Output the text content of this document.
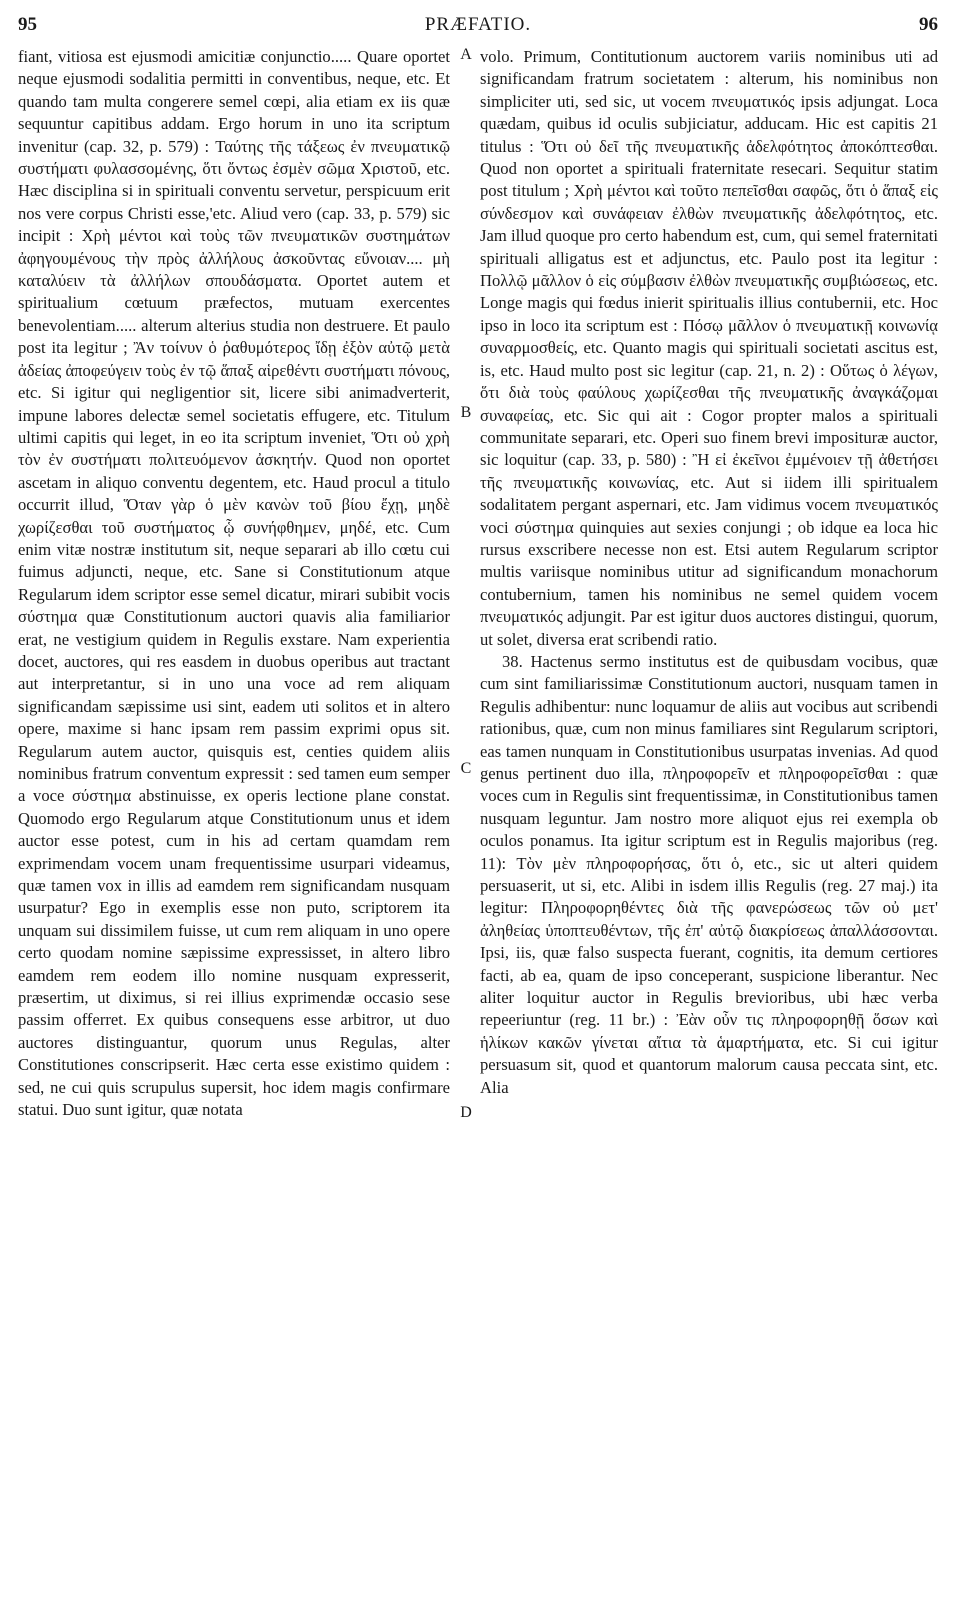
95	PRÆFATIO.	96

fiant, vitiosa est ejusmodi amicitiæ conjunctio..... Quare oportet neque ejusmodi sodalitia permitti in conventibus, neque, etc. Et quando tam multa congerere semel cœpi, alia etiam ex iis quæ sequuntur capitibus addam. Ergo horum in uno ita scriptum invenitur (cap. 32, p. 579) : Ταύτης τῆς τάξεως ἐν πνευματικῷ συστήματι φυλασσομένης, ὅτι ὄντως ἐσμὲν σῶμα Χριστοῦ, etc. Hæc disciplina si in spirituali conventu servetur, perspicuum erit nos vere corpus Christi esse,'etc. Aliud vero (cap. 33, p. 579) sic incipit : Χρὴ μέντοι καὶ τοὺς τῶν πνευματικῶν συστημάτων ἀφηγουμένους τὴν πρὸς ἀλλήλους ἀσκοῦντας εὔνοιαν.... μὴ καταλύειν τὰ ἀλλήλων σπουδάσματα. Oportet autem et spiritualium cœtuum præfectos, mutuam exercentes benevolentiam..... alterum alterius studia non destruere. Et paulo post ita legitur ; Ἂν τοίνυν ὁ ῥαθυμότερος ἴδῃ ἐξὸν αὐτῷ μετὰ ἀδείας ἀποφεύγειν τοὺς ἐν τῷ ἅπαξ αἱρεθέντι συστήματι πόνους, etc. Si igitur qui negligentior sit, licere sibi animadverterit, impune labores delectæ semel societatis effugere, etc. Titulum ultimi capitis qui leget, in eo ita scriptum inveniet, Ὅτι οὐ χρὴ τὸν ἐν συστήματι πολιτευόμενον ἀσκητήν. Quod non oportet ascetam in aliquo conventu degentem, etc. Haud procul a titulo occurrit illud, Ὅταν γὰρ ὁ μὲν κανὼν τοῦ βίου ἔχῃ, μηδὲ χωρίζεσθαι τοῦ συστήματος ᾧ συνήφθημεν, μηδέ, etc. Cum enim vitæ nostræ institutum sit, neque separari ab illo cœtu cui fuimus adjuncti, neque, etc. Sane si Constitutionum atque Regularum idem scriptor esse semel dicatur, mirari subibit vocis σύστημα quæ Constitutionum auctori quavis alia familiarior erat, ne vestigium quidem in Regulis exstare. Nam experientia docet, auctores, qui res easdem in duobus operibus aut tractant aut interpretantur, si in uno una voce ad rem aliquam significandam sæpissime usi sint, eadem uti solitos et in altero opere, maxime si hanc ipsam rem passim exprimi opus sit. Regularum autem auctor, quisquis est, centies quidem aliis nominibus fratrum conventum expressit : sed tamen eum semper a voce σύστημα abstinuisse, ex operis lectione plane constat. Quomodo ergo Regularum atque Constitutionum unus et idem auctor esse potest, cum in his ad certam quamdam rem exprimendam vocem unam frequentissime usurpari videamus, quæ tamen vox in illis ad eamdem rem significandam nusquam usurpatur? Ego in exemplis esse non puto, scriptorem ita unquam sui dissimilem fuisse, ut cum rem aliquam in uno opere certo quodam nomine sæpissime expressisset, in altero libro eamdem rem eodem illo nomine nusquam expresserit, præsertim, ut diximus, si rei illius exprimendæ occasio sese passim offerret. Ex quibus consequens esse arbitror, ut duo auctores distinguantur, quorum unus Regulas, alter Constitutiones conscripserit. Hæc certa esse existimo quidem : sed, ne cui quis scrupulus supersit, hoc idem magis confirmare statui. Duo sunt igitur, quæ notata

A
B
C
D

volo. Primum, Contitutionum auctorem variis nominibus uti ad significandam fratrum societatem : alterum, his nominibus non simpliciter uti, sed sic, ut vocem πνευματικός ipsis adjungat. Loca quædam, quibus id oculis subjiciatur, adducam. Hic est capitis 21 titulus : Ὅτι οὐ δεῖ τῆς πνευματικῆς ἀδελφότητος ἀποκόπτεσθαι. Quod non oportet a spirituali fraternitate resecari. Sequitur statim post titulum ; Χρὴ μέντοι καὶ τοῦτο πεπεῖσθαι σαφῶς, ὅτι ὁ ἅπαξ εἰς σύνδεσμον καὶ συνάφειαν ἐλθὼν πνευματικῆς ἀδελφότητος, etc. Jam illud quoque pro certo habendum est, cum, qui semel fraternitati spirituali alligatus est et adjunctus, etc. Paulo post ita legitur : Πολλῷ μᾶλλον ὁ εἰς σύμβασιν ἐλθὼν πνευματικῆς συμβιώσεως, etc. Longe magis qui fœdus inierit spiritualis illius contubernii, etc. Hoc ipso in loco ita scriptum est : Πόσῳ μᾶλλον ὁ πνευματικῇ κοινωνίᾳ συναρμοσθείς, etc. Quanto magis qui spirituali societati ascitus est, is, etc. Haud multo post sic legitur (cap. 21, n. 2) : Οὕτως ὁ λέγων, ὅτι διὰ τοὺς φαύλους χωρίζεσθαι τῆς πνευματικῆς ἀναγκάζομαι συναφείας, etc. Sic qui ait : Cogor propter malos a spirituali communitate separari, etc. Operi suo finem brevi imposituræ auctor, sic loquitur (cap. 33, p. 580) : Ἢ εἰ ἐκεῖνοι ἐμμένοιεν τῇ ἀθετήσει τῆς πνευματικῆς κοινωνίας, etc. Aut si iidem illi spiritualem sodalitatem pergant aspernari, etc. Jam vidimus vocem πνευματικός voci σύστημα quinquies aut sexies conjungi ; ob idque ea loca hic rursus exscribere necesse non est. Etsi autem Regularum scriptor multis variisque nominibus utitur ad significandum monachorum contubernium, tamen his nominibus ne semel quidem vocem πνευματικός adjungit. Par est igitur duos auctores distingui, quorum, ut solet, diversa erat scribendi ratio.

38. Hactenus sermo institutus est de quibusdam vocibus, quæ cum sint familiarissimæ Constitutionum auctori, nusquam tamen in Regulis adhibentur: nunc loquamur de aliis aut vocibus aut scribendi rationibus, quæ, cum non minus familiares sint Regularum scriptori, eas tamen nunquam in Constitutionibus usurpatas invenias. Ad quod genus pertinent duo illa, πληροφορεῖν et πληροφορεῖσθαι : quæ voces cum in Regulis sint frequentissimæ, in Constitutionibus tamen nusquam leguntur. Jam nostro more aliquot ejus rei exempla ob oculos ponamus. Ita igitur scriptum est in Regulis majoribus (reg. 11): Τὸν μὲν πληροφορήσας, ὅτι ὁ, etc., sic ut alteri quidem persuaserit, ut si, etc. Alibi in isdem illis Regulis (reg. 27 maj.) ita legitur: Πληροφορηθέντες διὰ τῆς φανερώσεως τῶν οὐ μετ' ἀληθείας ὑποπτευθέντων, τῆς ἐπ' αὐτῷ διακρίσεως ἀπαλλάσσονται. Ipsi, iis, quæ falso suspecta fuerant, cognitis, ita demum certiores facti, ab ea, quam de ipso conceperant, suspicione liberantur. Nec aliter loquitur auctor in Regulis brevioribus, ubi hæc verba repeeriuntur (reg. 11 br.) : Ἐὰν οὖν τις πληροφορηθῇ ὅσων καὶ ἡλίκων κακῶν γίνεται αἴτια τὰ ἁμαρτήματα, etc. Si cui igitur persuasum sit, quod et quantorum malorum causa peccata sint, etc. Alia
